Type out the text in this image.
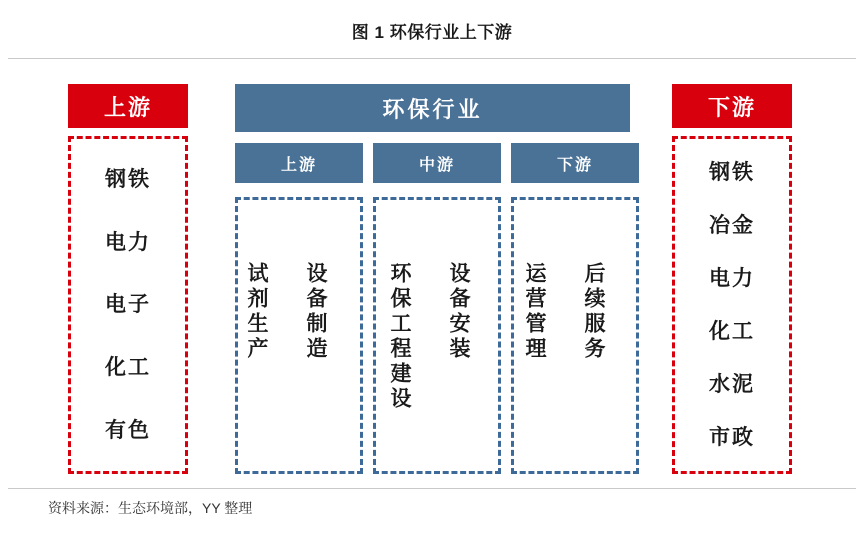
图 1 环保行业上下游
上游
钢铁
电力
电子
化工
有色
环保行业
上游
试剂生产 设备制造
中游
环保工程建设 设备安装
下游
运营管理 后续服务
下游
钢铁
冶金
电力
化工
水泥
市政
资料来源：生态环境部，YY 整理
